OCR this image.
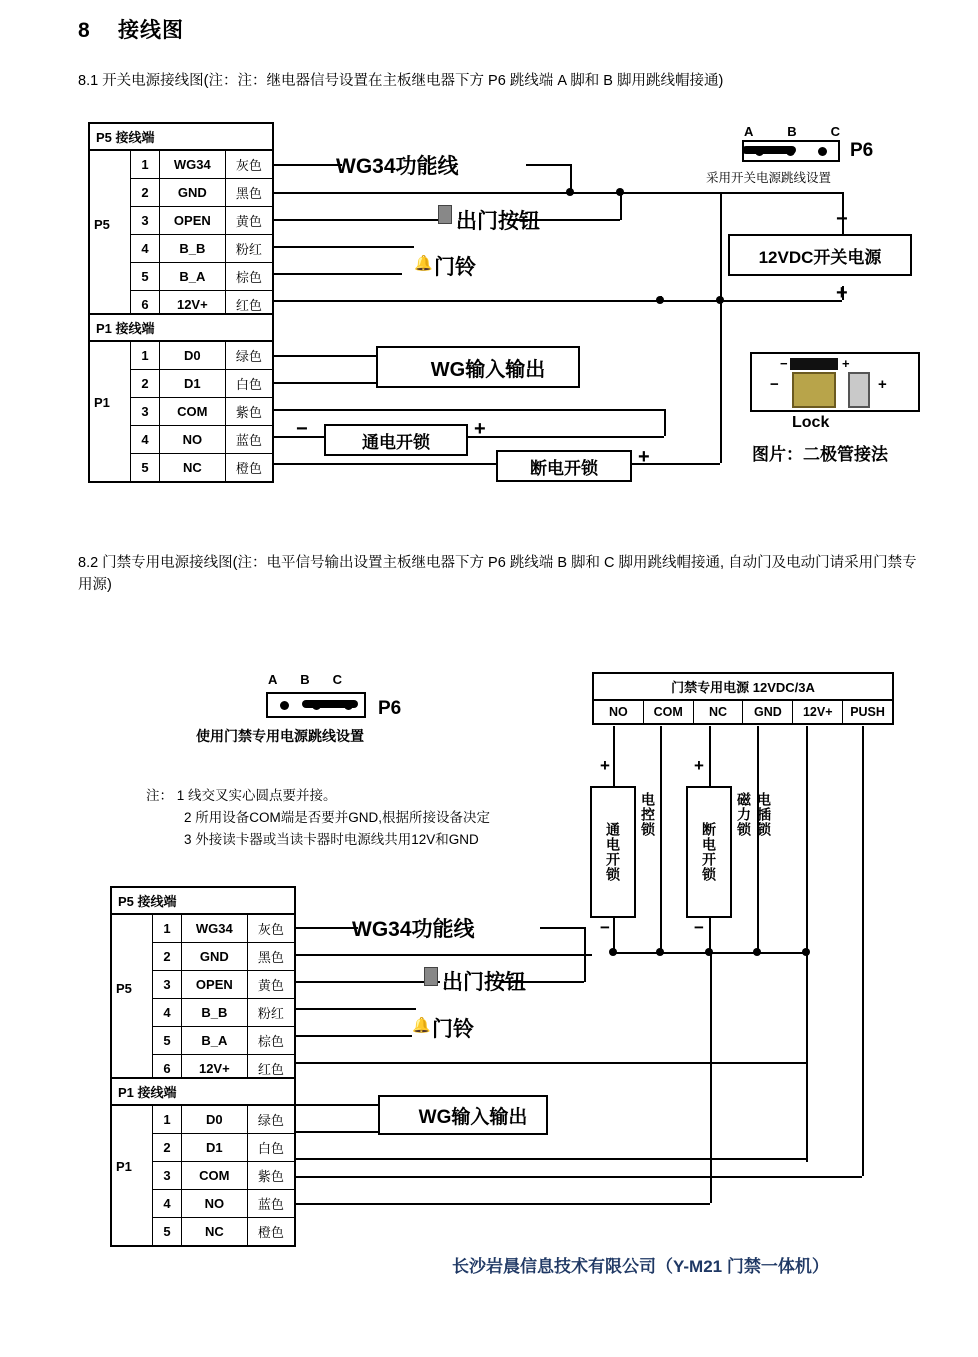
8 接线图
8.1 开关电源接线图(注：注：继电器信号设置在主板继电器下方 P6 跳线端 A 脚和 B 脚用跳线帽接通)
P5 接线端
1	WG34	灰色
2	GND	黑色
3	OPEN	黄色
4	B_B	粉红
5	B_A	棕色
6	12V+	红色
P5
P1 接线端
1	D0	绿色
2	D1	白色
3	COM	紫色
4	NO	蓝色
5	NC	橙色
P1
WG34功能线
出门按钮
🔔 门铃
WG输入输出
通电开锁
−	+
断电开锁 +
12VDC开关电源
−
+
A	B	C
P6
采用开关电源跳线设置
−	+
−	+
Lock
图片：二极管接法
8.2 门禁专用电源接线图(注：电平信号输出设置主板继电器下方 P6 跳线端 B 脚和 C 脚用跳线帽接通, 自动门及电动门请采用门禁专用源)
A B C
P6
使用门禁专用电源跳线设置
注： 1 线交叉实心圆点要并接。
2 所用设备COM端是否要并GND,根据所接设备决定
3 外接读卡器或当读卡器时电源线共用12V和GND
P5 接线端
1	WG34	灰色
2	GND	黑色
3	OPEN	黄色
4	B_B	粉红
5	B_A	棕色
6	12V+	红色
P5
P1 接线端
1	D0	绿色
2	D1	白色
3	COM	紫色
4	NO	蓝色
5	NC	橙色
P1
门禁专用电源 12VDC/3A
NO	COM	NC	GND	12V+	PUSH
通电开锁
电控锁
+
−
断电开锁
磁力锁 电插锁
+
−
WG34功能线
出门按钮
🔔 门铃
WG输入输出
长沙岩晨信息技术有限公司（Y-M21 门禁一体机）
